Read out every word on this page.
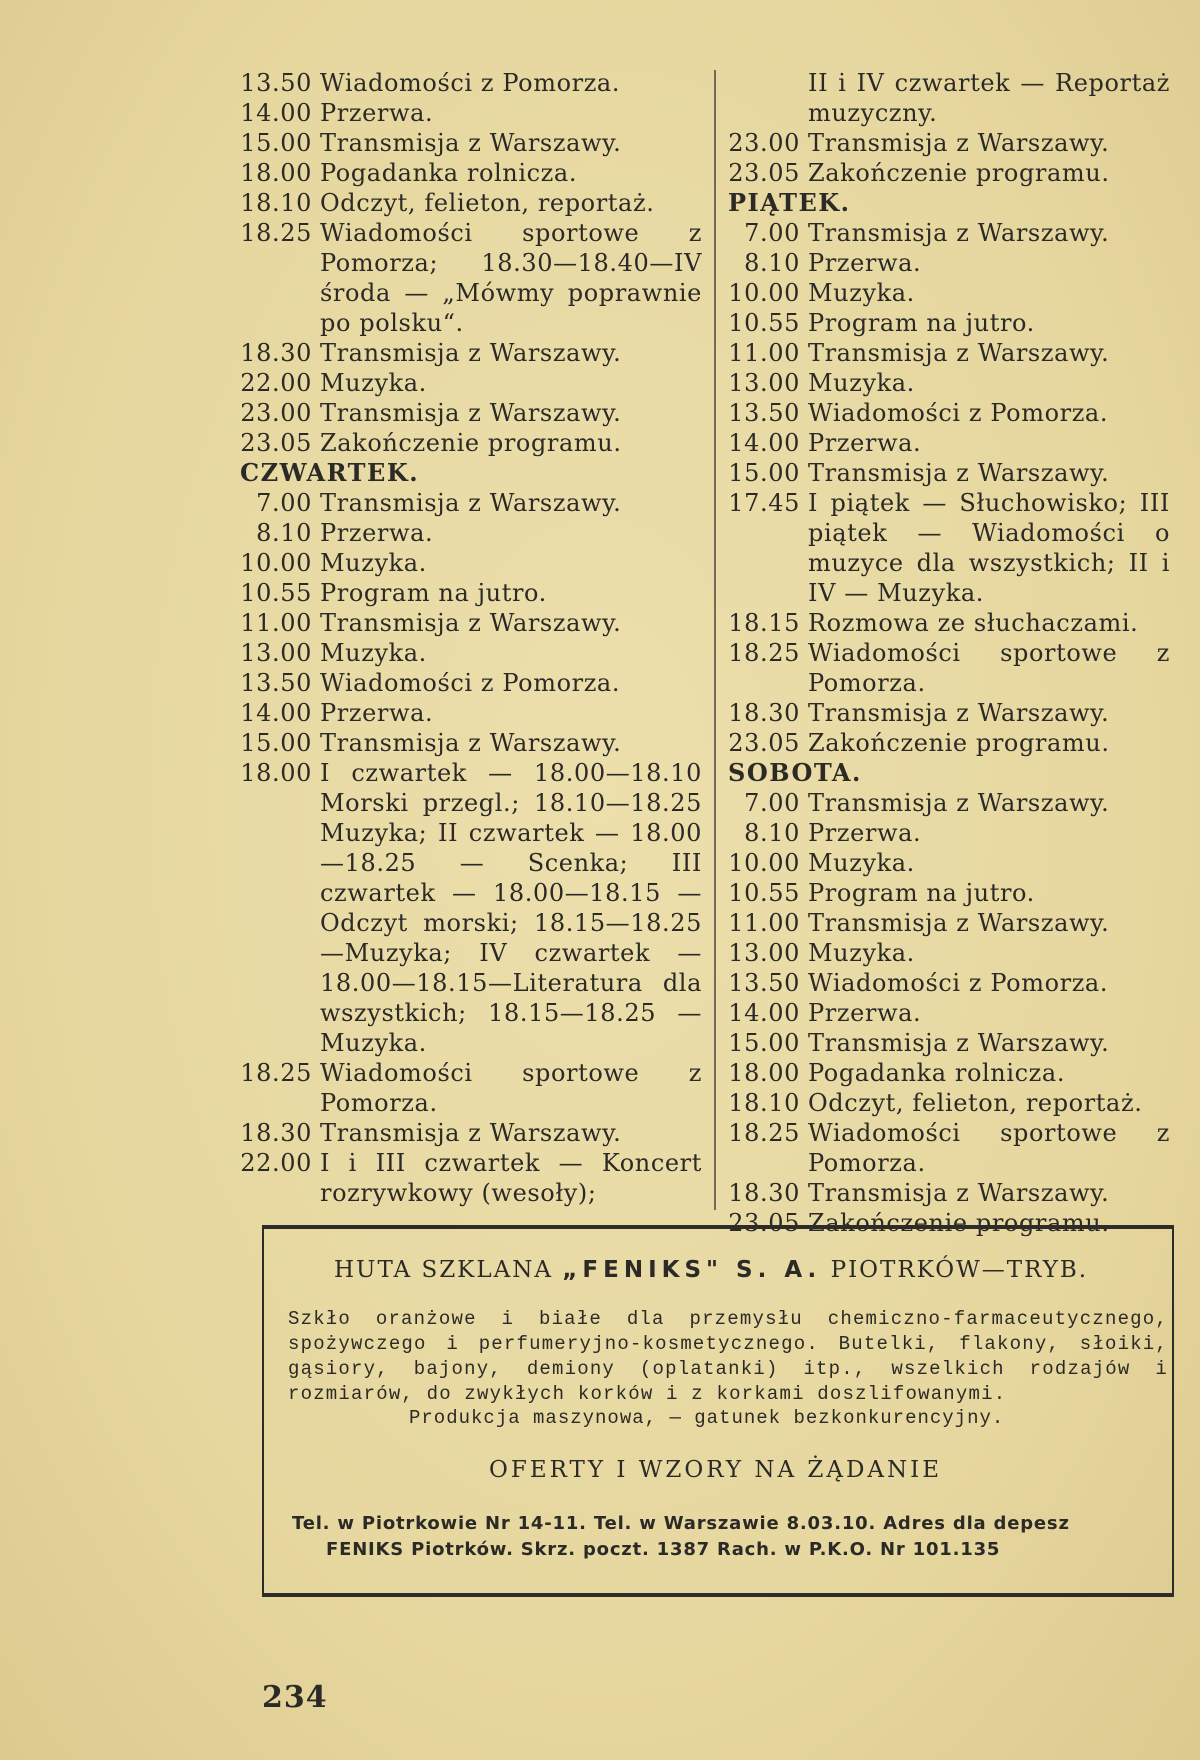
13.50 Wiadomości z Pomorza.
14.00 Przerwa.
15.00 Transmisja z Warszawy.
18.00 Pogadanka rolnicza.
18.10 Odczyt, felieton, reportaż.
18.25 Wiadomości sportowe z Pomorza; 18.30—18.40—IV środa — „Mówmy poprawnie po polsku“.
18.30 Transmisja z Warszawy.
22.00 Muzyka.
23.00 Transmisja z Warszawy.
23.05 Zakończenie programu.
CZWARTEK.
7.00 Transmisja z Warszawy.
8.10 Przerwa.
10.00 Muzyka.
10.55 Program na jutro.
11.00 Transmisja z Warszawy.
13.00 Muzyka.
13.50 Wiadomości z Pomorza.
14.00 Przerwa.
15.00 Transmisja z Warszawy.
18.00 I czwartek — 18.00—18.10 Morski przegl.; 18.10—18.25 Muzyka; II czwartek — 18.00—18.25 — Scenka; III czwartek — 18.00—18.15 — Odczyt morski; 18.15—18.25 —Muzyka; IV czwartek — 18.00—18.15—Literatura dla wszystkich; 18.15—18.25 — Muzyka.
18.25 Wiadomości sportowe z Pomorza.
18.30 Transmisja z Warszawy.
22.00 I i III czwartek — Koncert rozrywkowy (wesoły);
II i IV czwartek — Reportaż muzyczny.
23.00 Transmisja z Warszawy.
23.05 Zakończenie programu.
PIĄTEK.
7.00 Transmisja z Warszawy.
8.10 Przerwa.
10.00 Muzyka.
10.55 Program na jutro.
11.00 Transmisja z Warszawy.
13.00 Muzyka.
13.50 Wiadomości z Pomorza.
14.00 Przerwa.
15.00 Transmisja z Warszawy.
17.45 I piątek — Słuchowisko; III piątek — Wiadomości o muzyce dla wszystkich; II i IV — Muzyka.
18.15 Rozmowa ze słuchaczami.
18.25 Wiadomości sportowe z Pomorza.
18.30 Transmisja z Warszawy.
23.05 Zakończenie programu.
SOBOTA.
7.00 Transmisja z Warszawy.
8.10 Przerwa.
10.00 Muzyka.
10.55 Program na jutro.
11.00 Transmisja z Warszawy.
13.00 Muzyka.
13.50 Wiadomości z Pomorza.
14.00 Przerwa.
15.00 Transmisja z Warszawy.
18.00 Pogadanka rolnicza.
18.10 Odczyt, felieton, reportaż.
18.25 Wiadomości sportowe z Pomorza.
18.30 Transmisja z Warszawy.
23.05 Zakończenie programu.
HUTA SZKLANA „FENIKS" S. A. PIOTRKÓW—TRYB.
Szkło oranżowe i białe dla przemysłu chemiczno-farmaceutycznego, spożywczego i perfumeryjno-kosmetycznego. Butelki, flakony, słoiki, gąsiory, bajony, demiony (oplatanki) itp., wszelkich rodzajów i rozmiarów, do zwykłych korków i z korkami doszlifowanymi.
Produkcja maszynowa, — gatunek bezkonkurencyjny.
OFERTY I WZORY NA ŻĄDANIE
Tel. w Piotrkowie Nr 14-11. Tel. w Warszawie 8.03.10. Adres dla depesz
FENIKS Piotrków. Skrz. poczt. 1387 Rach. w P.K.O. Nr 101.135
234
